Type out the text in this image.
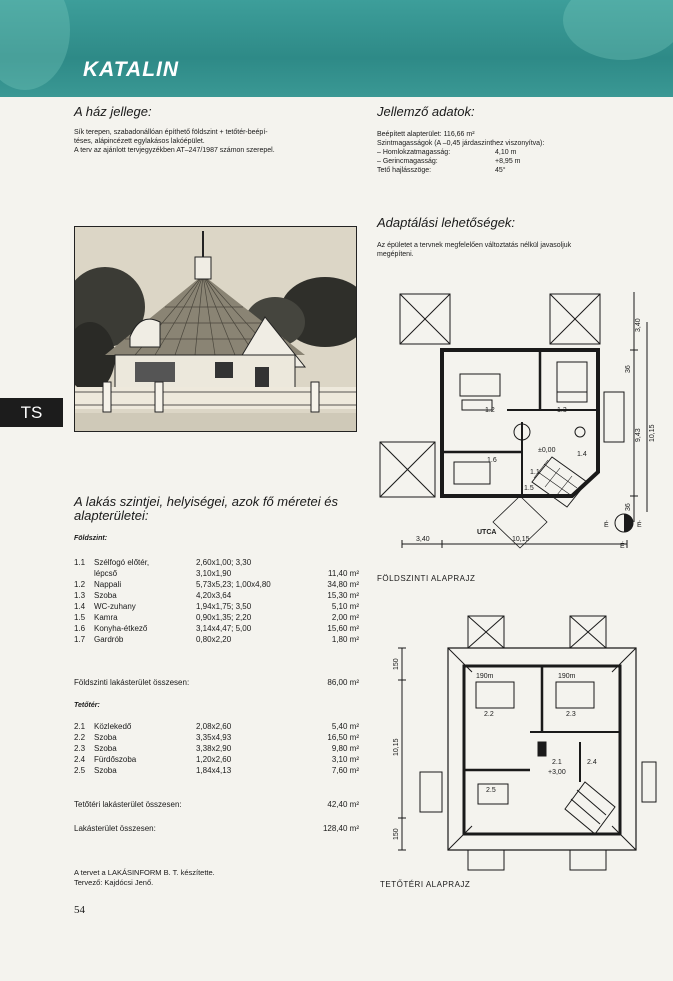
KATALIN
A ház jellege:
Sík terepen, szabadonállóan építhető földszint + tetőtér-beépí-
téses, alápincézett egylakásos lakóépület.
A terv az ajánlott tervjegyzékben AT–247/1987 számon szerepel.
Jellemző adatok:
Beépített alapterület: 116,66 m²
Szintmagasságok (A –0,45 járdaszinthez viszonyítva):
– Homlokzatmagasság:	4,10 m
– Gerincmagasság:	+8,95 m
Tető hajlásszöge:	45°
Adaptálási lehetőségek:
Az épületet a tervnek megfelelően változtatás nélkül javasoljuk
megépíteni.
TS
A lakás szintjei, helyiségei, azok fő méretei és alapterületei:
Földszint:
1.1	Szélfogó előtér,	2,60x1,00; 3,30
lépcső	3,10x1,90	11,40 m²
1.2	Nappali	5,73x5,23; 1,00x4,80	34,80 m²
1.3	Szoba	4,20x3,64	15,30 m²
1.4	WC-zuhany	1,94x1,75; 3,50	5,10 m²
1.5	Kamra	0,90x1,35; 2,20	2,00 m²
1.6	Konyha-étkező	3,14x4,47; 5,00	15,60 m²
1.7	Gardrób	0,80x2,20	1,80 m²
Földszinti lakásterület összesen:	86,00 m²
Tetőtér:
2.1	Közlekedő	2,08x2,60	5,40 m²
2.2	Szoba	3,35x4,93	16,50 m²
2.3	Szoba	3,38x2,90	9,80 m²
2.4	Fürdőszoba	1,20x2,60	3,10 m²
2.5	Szoba	1,84x4,13	7,60 m²
Tetőtéri lakásterület összesen:	42,40 m²
Lakásterület összesen:	128,40 m²
A tervet a LAKÁSINFORM B. T. készítette.
Tervező: Kajdócsi Jenő.
54
1.2	1.3
1.4
1.5
1.6
1.1
±0,00
UTCA
3,40	10,15
3,40
9,43 10,15
36
36
É	É
É
FÖLDSZINTI ALAPRAJZ
190m	190m
2.2	2.3
2.1
+3,00
2.4
2.5
150
10,15
150
TETŐTÉRI ALAPRAJZ
